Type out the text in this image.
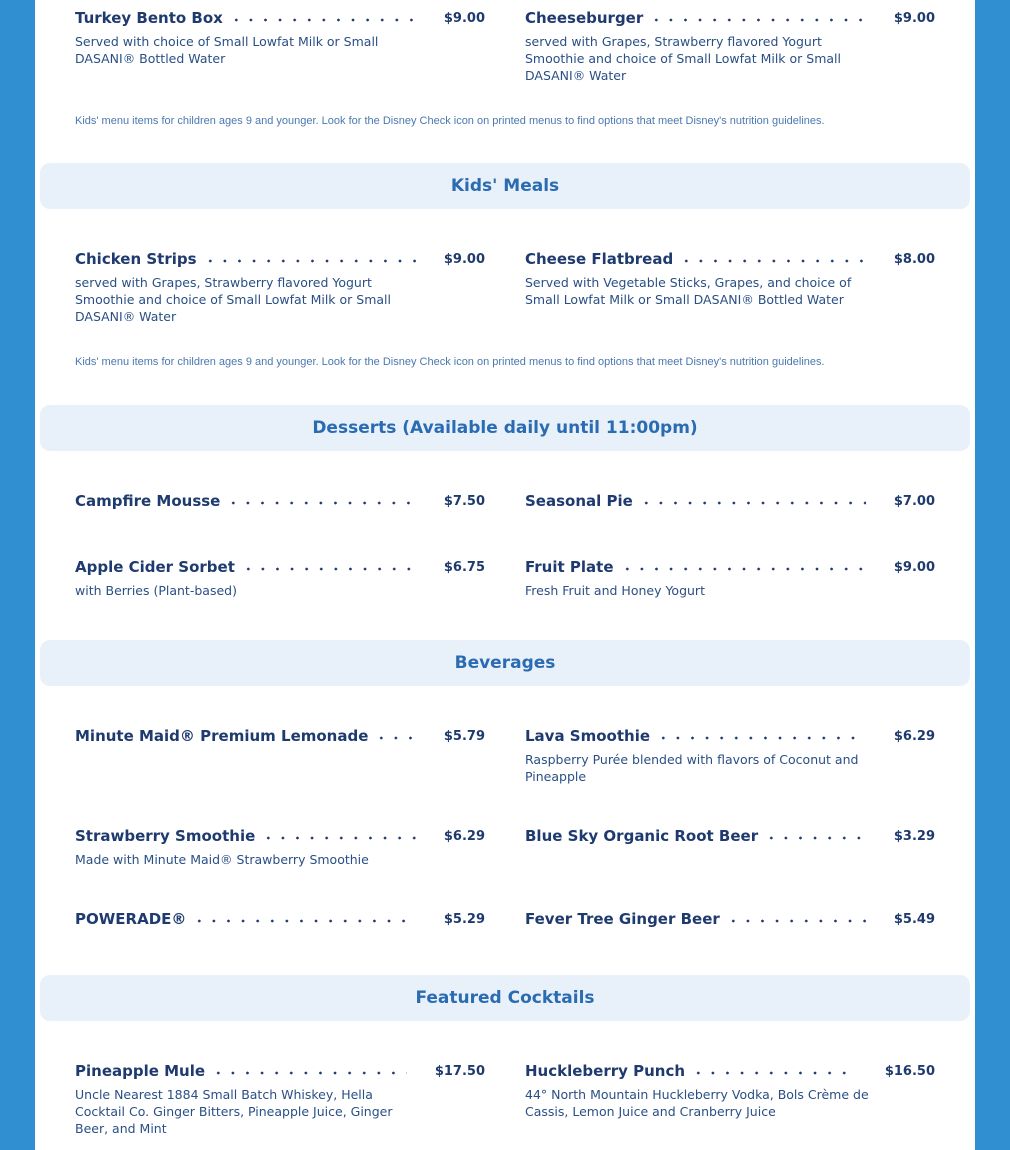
Turkey Bento Box	$9.00
Served with choice of Small Lowfat Milk or Small DASANI® Bottled Water
Cheeseburger	$9.00
served with Grapes, Strawberry flavored Yogurt Smoothie and choice of Small Lowfat Milk or Small DASANI® Water
Kids' menu items for children ages 9 and younger. Look for the Disney Check icon on printed menus to find options that meet Disney's nutrition guidelines.
Kids' Meals
Chicken Strips	$9.00
served with Grapes, Strawberry flavored Yogurt Smoothie and choice of Small Lowfat Milk or Small DASANI® Water
Cheese Flatbread	$8.00
Served with Vegetable Sticks, Grapes, and choice of Small Lowfat Milk or Small DASANI® Bottled Water
Kids' menu items for children ages 9 and younger. Look for the Disney Check icon on printed menus to find options that meet Disney's nutrition guidelines.
Desserts (Available daily until 11:00pm)
Campfire Mousse	$7.50	Seasonal Pie	$7.00
Apple Cider Sorbet	$6.75
with Berries (Plant-based)
Fruit Plate	$9.00
Fresh Fruit and Honey Yogurt
Beverages
Minute Maid® Premium Lemonade	$5.79	Lava Smoothie	$6.29
Raspberry Purée blended with flavors of Coconut and Pineapple
Strawberry Smoothie	$6.29
Made with Minute Maid® Strawberry Smoothie
Blue Sky Organic Root Beer	$3.29
POWERADE®	$5.29	Fever Tree Ginger Beer	$5.49
Featured Cocktails
Pineapple Mule	$17.50
Uncle Nearest 1884 Small Batch Whiskey, Hella Cocktail Co. Ginger Bitters, Pineapple Juice, Ginger Beer, and Mint
Huckleberry Punch	$16.50
44° North Mountain Huckleberry Vodka, Bols Crème de Cassis, Lemon Juice and Cranberry Juice
